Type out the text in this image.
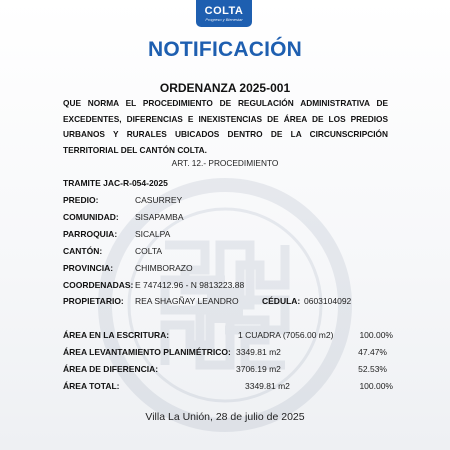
COLTA
Progreso y Bienestar
NOTIFICACIÓN
ORDENANZA 2025-001
QUE NORMA EL PROCEDIMIENTO DE REGULACIÓN ADMINISTRATIVA DE EXCEDENTES, DIFERENCIAS E INEXISTENCIAS DE ÁREA DE LOS PREDIOS URBANOS Y RURALES UBICADOS DENTRO DE LA CIRCUNSCRIPCIÓN TERRITORIAL DEL CANTÓN COLTA.
ART. 12.- PROCEDIMIENTO
TRAMITE JAC-R-054-2025
PREDIO:	CASURREY
COMUNIDAD: SISAPAMBA
PARROQUIA: SICALPA
CANTÓN:	COLTA
PROVINCIA:	CHIMBORAZO
COORDENADAS: E 747412.96 - N 9813223.88
PROPIETARIO: REA SHAGÑAY LEANDRO	CÉDULA: 0603104092
ÁREA EN LA ESCRITURA:	1 CUADRA (7056.00 m2)	100.00%
ÁREA LEVANTAMIENTO PLANIMÉTRICO: 3349.81 m2	47.47%
ÁREA DE DIFERENCIA:	3706.19 m2	52.53%
ÁREA TOTAL:	3349.81 m2	100.00%
Villa La Unión, 28 de julio de 2025
